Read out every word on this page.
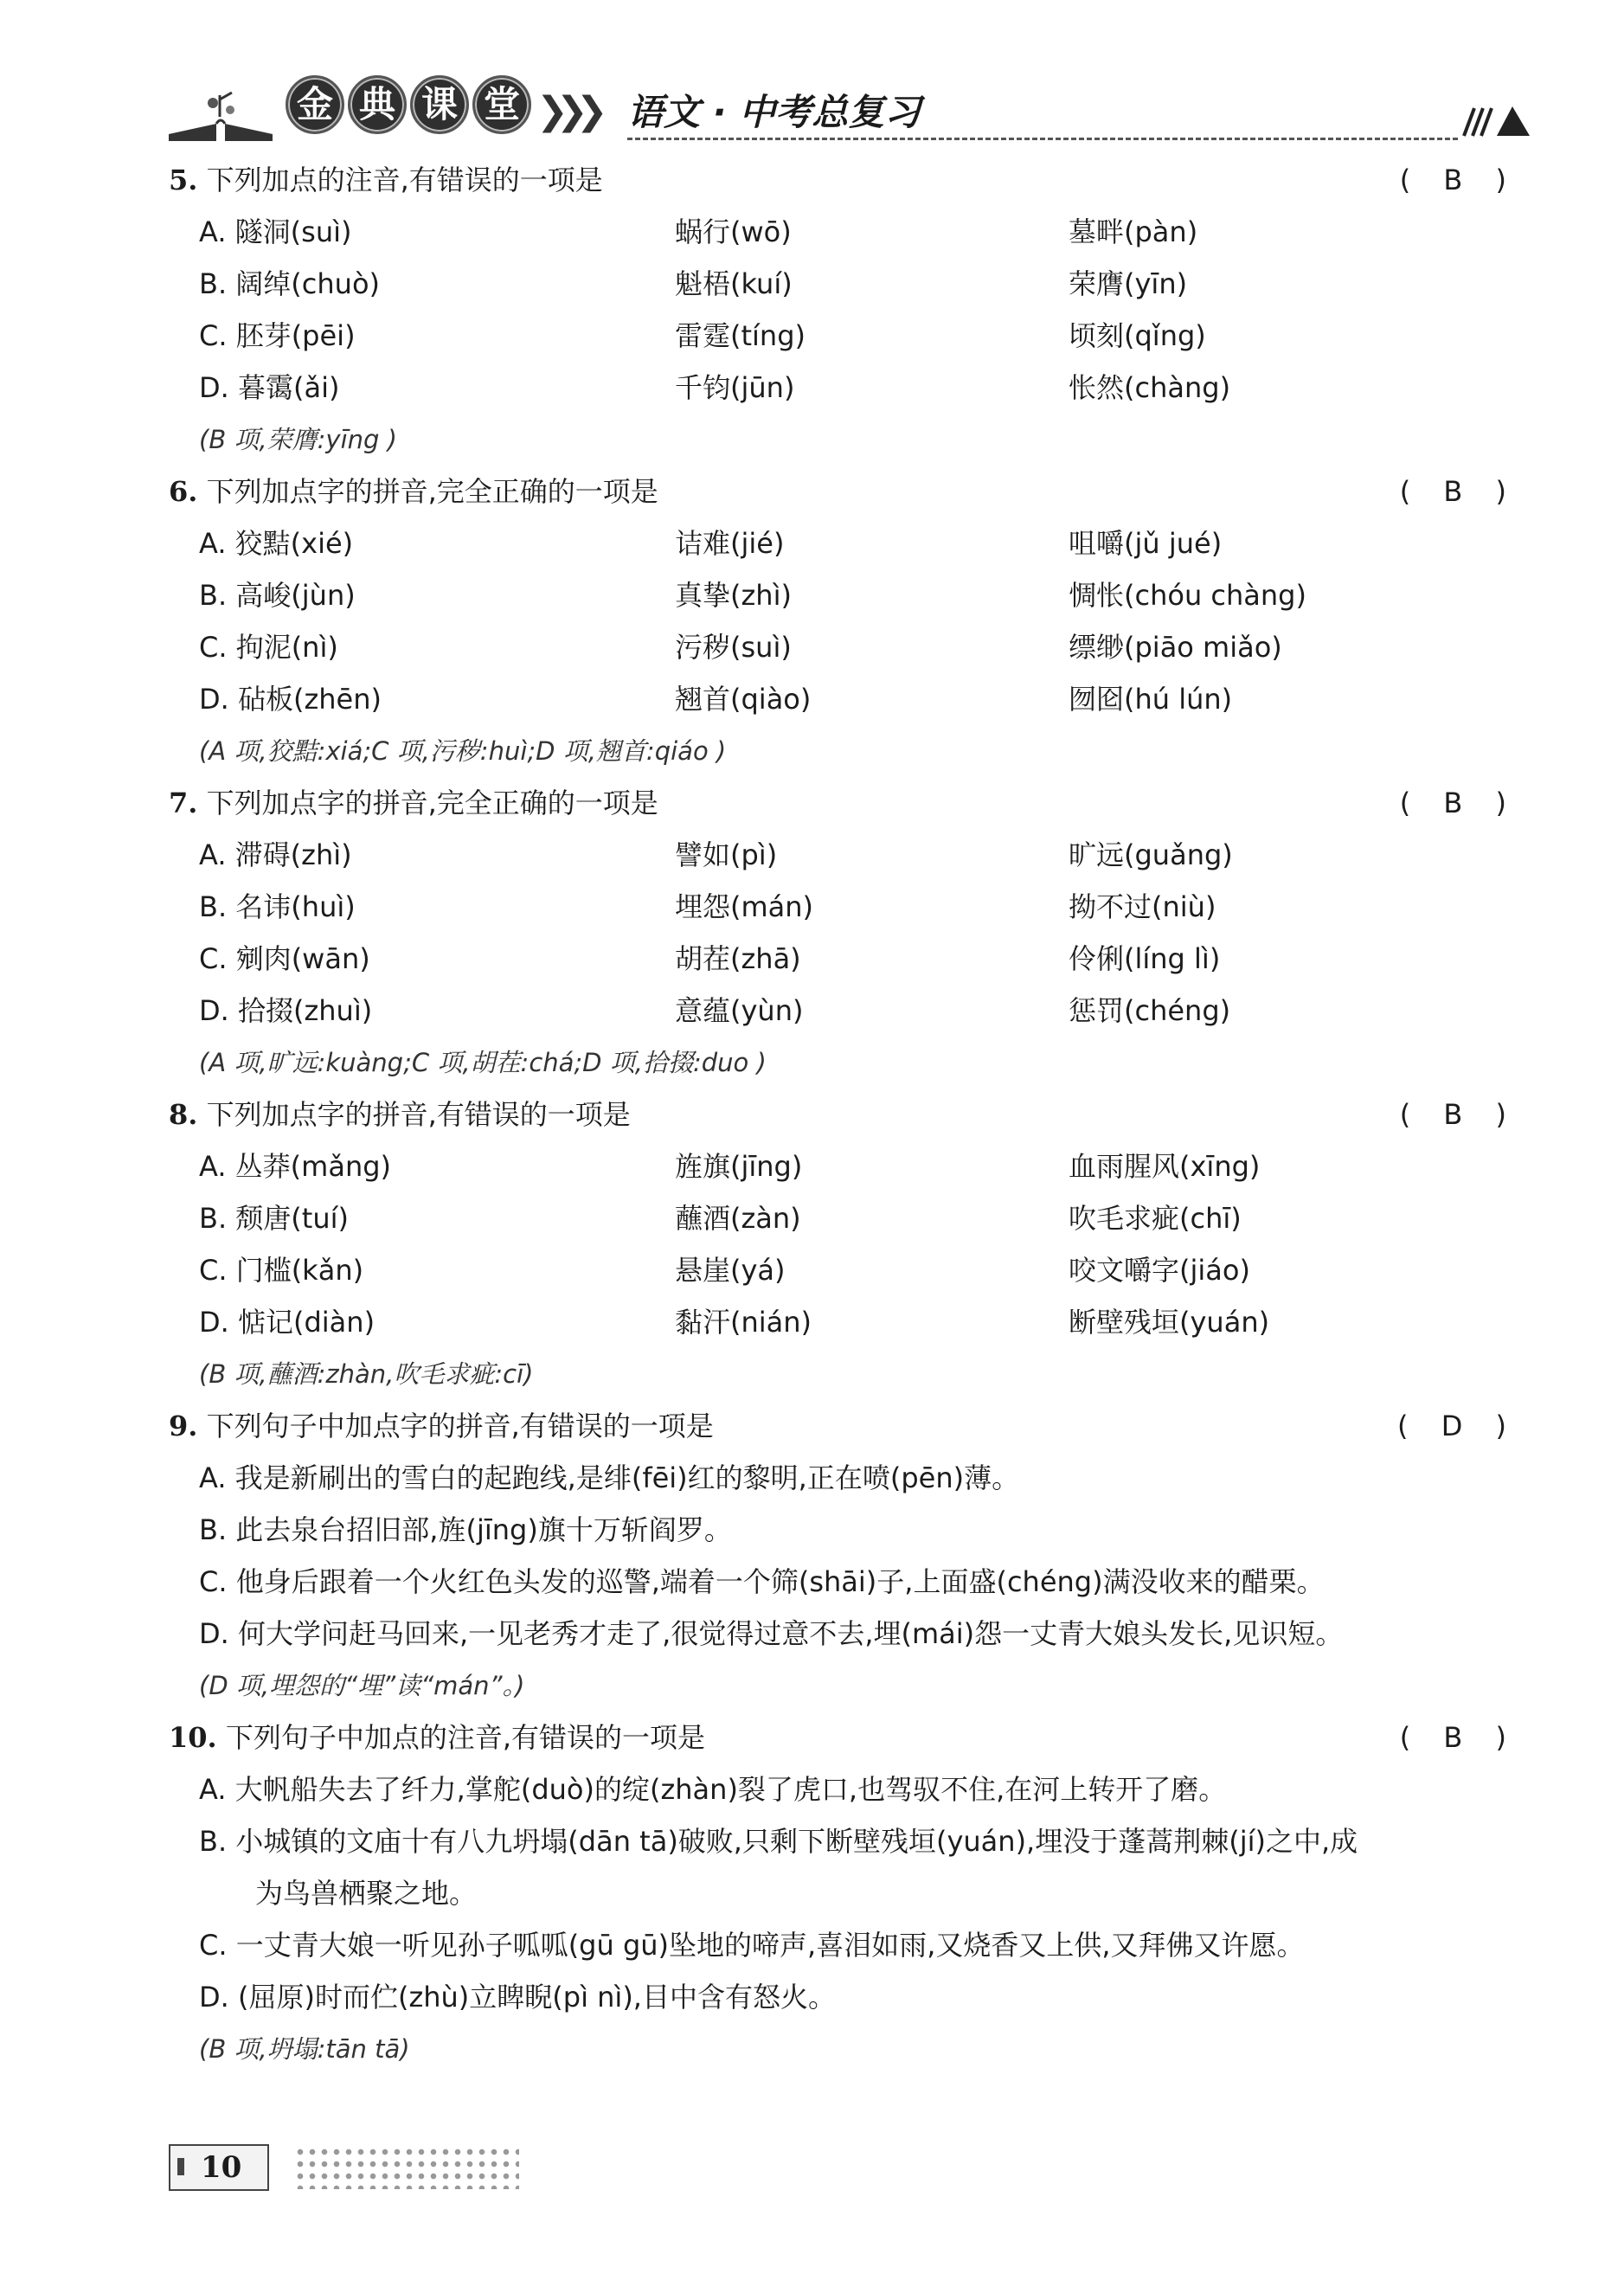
金 典 课 堂 ❯❯❯ 语文 · 中考总复习
5. 下列加点的注音,有错误的一项是	( B )
A. 隧洞(suì)	蜗行(wō)	墓畔(pàn)
B. 阔绰(chuò)	魁梧(kuí)	荣膺(yīn)
C. 胚芽(pēi)	雷霆(tíng)	顷刻(qǐng)
D. 暮霭(ǎi)	千钧(jūn)	怅然(chàng)
(B 项,荣膺:yīng )
6. 下列加点字的拼音,完全正确的一项是	( B )
A. 狡黠(xié)	诘难(jié)	咀嚼(jǔ jué)
B. 高峻(jùn)	真挚(zhì)	惆怅(chóu chàng)
C. 拘泥(nì)	污秽(suì)	缥缈(piāo miǎo)
D. 砧板(zhēn)	翘首(qiào)	囫囵(hú lún)
(A 项,狡黠:xiá;C 项,污秽:huì;D 项,翘首:qiáo )
7. 下列加点字的拼音,完全正确的一项是	( B )
A. 滞碍(zhì)	譬如(pì)	旷远(guǎng)
B. 名讳(huì)	埋怨(mán)	拗不过(niù)
C. 剜肉(wān)	胡茬(zhā)	伶俐(líng lì)
D. 拾掇(zhuì)	意蕴(yùn)	惩罚(chéng)
(A 项,旷远:kuàng;C 项,胡茬:chá;D 项,拾掇:duo )
8. 下列加点字的拼音,有错误的一项是	( B )
A. 丛莽(mǎng)	旌旗(jīng)	血雨腥风(xīng)
B. 颓唐(tuí)	蘸酒(zàn)	吹毛求疵(chī)
C. 门槛(kǎn)	悬崖(yá)	咬文嚼字(jiáo)
D. 惦记(diàn)	黏汗(nián)	断壁残垣(yuán)
(B 项,蘸酒:zhàn,吹毛求疵:cī)
9. 下列句子中加点字的拼音,有错误的一项是	( D )
A. 我是新刷出的雪白的起跑线,是绯(fēi)红的黎明,正在喷(pēn)薄。
B. 此去泉台招旧部,旌(jīng)旗十万斩阎罗。
C. 他身后跟着一个火红色头发的巡警,端着一个筛(shāi)子,上面盛(chéng)满没收来的醋栗。
D. 何大学问赶马回来,一见老秀才走了,很觉得过意不去,埋(mái)怨一丈青大娘头发长,见识短。
(D 项,埋怨的“埋”读“mán”。)
10. 下列句子中加点的注音,有错误的一项是	( B )
A. 大帆船失去了纤力,掌舵(duò)的绽(zhàn)裂了虎口,也驾驭不住,在河上转开了磨。
B. 小城镇的文庙十有八九坍塌(dān tā)破败,只剩下断壁残垣(yuán),埋没于蓬蒿荆棘(jí)之中,成
为鸟兽栖聚之地。
C. 一丈青大娘一听见孙子呱呱(gū gū)坠地的啼声,喜泪如雨,又烧香又上供,又拜佛又许愿。
D. (屈原)时而伫(zhù)立睥睨(pì nì),目中含有怒火。
(B 项,坍塌:tān tā)
10
